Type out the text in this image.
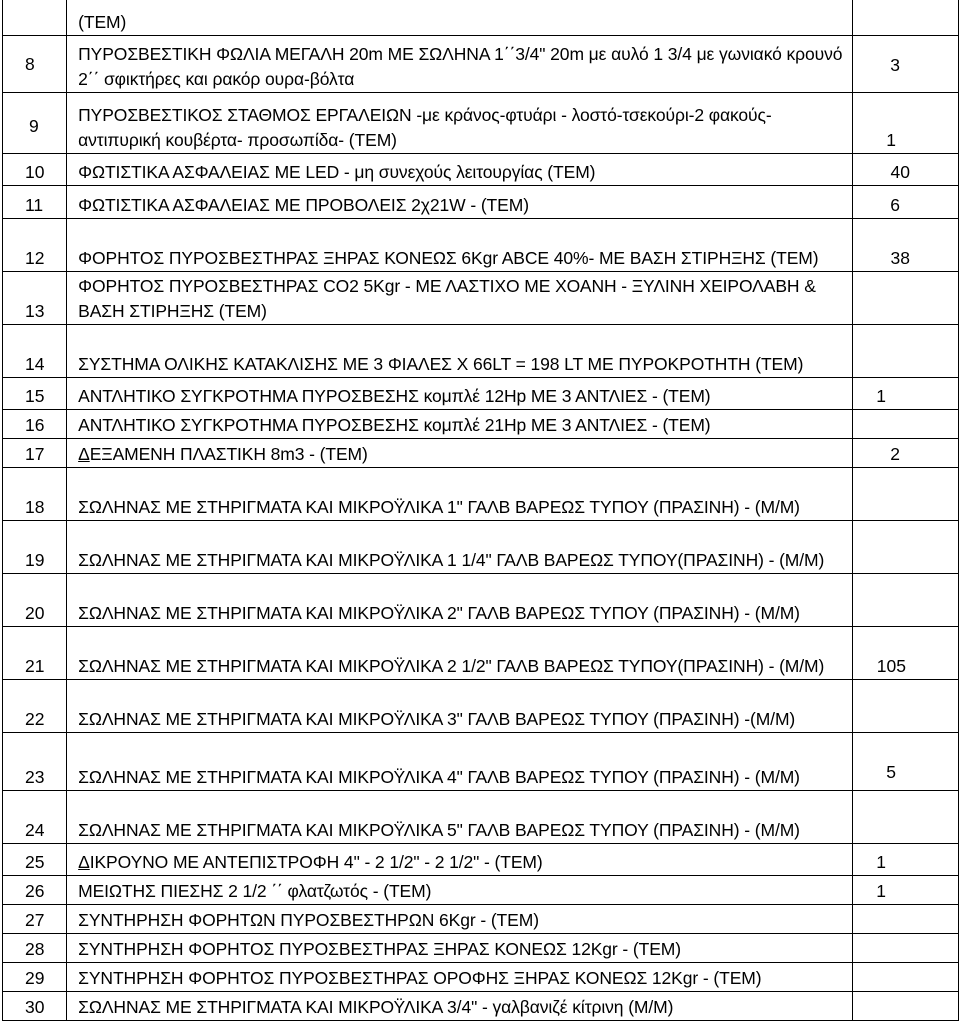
	(ΤΕΜ)	
8	ΠΥΡΟΣΒΕΣΤΙΚΗ ΦΩΛΙΑ ΜΕΓΑΛΗ 20m ΜΕ ΣΩΛΗΝΑ 1΄΄3/4" 20m με αυλό 1 3/4 με γωνιακό κρουνό 2΄΄ σφικτήρες και ρακόρ ουρα-βόλτα	3
9	ΠΥΡΟΣΒΕΣΤΙΚΟΣ ΣΤΑΘΜΟΣ ΕΡΓΑΛΕΙΩΝ -με κράνος-φτυάρι - λοστό-τσεκούρι-2 φακούς-αντιπυρική κουβέρτα- προσωπίδα- (ΤΕΜ)	1
10	ΦΩΤΙΣΤΙΚΑ ΑΣΦΑΛΕΙΑΣ ΜΕ LED - μη συνεχούς λειτουργίας (ΤΕΜ)	40
11	ΦΩΤΙΣΤΙΚΑ ΑΣΦΑΛΕΙΑΣ ΜΕ ΠΡΟΒΟΛΕΙΣ 2χ21W - (ΤΕΜ)	6
12	ΦΟΡΗΤΟΣ ΠΥΡΟΣΒΕΣΤΗΡΑΣ ΞΗΡΑΣ ΚΟΝΕΩΣ 6Kgr ABCE 40%- ΜΕ ΒΑΣΗ ΣΤΙΡΗΞΗΣ (ΤΕΜ)	38
13	ΦΟΡΗΤΟΣ ΠΥΡΟΣΒΕΣΤΗΡΑΣ CO2 5Kgr - ΜΕ ΛΑΣΤΙΧΟ ΜΕ ΧΟΑΝΗ - ΞΥΛΙΝΗ ΧΕΙΡΟΛΑΒΗ & ΒΑΣΗ ΣΤΙΡΗΞΗΣ (ΤΕΜ)	
14	ΣΥΣΤΗΜΑ ΟΛΙΚΗΣ ΚΑΤΑΚΛΙΣΗΣ ΜΕ 3 ΦΙΑΛΕΣ Χ 66LT = 198 LT ΜΕ ΠΥΡΟΚΡΟΤΗΤΗ (ΤΕΜ)	
15	ΑΝΤΛΗΤΙΚΟ ΣΥΓΚΡΟΤΗΜΑ ΠΥΡΟΣΒΕΣΗΣ κομπλέ 12Hp ΜΕ 3 ΑΝΤΛΙΕΣ - (ΤΕΜ)	1
16	ΑΝΤΛΗΤΙΚΟ ΣΥΓΚΡΟΤΗΜΑ ΠΥΡΟΣΒΕΣΗΣ κομπλέ 21Hp ΜΕ 3 ΑΝΤΛΙΕΣ - (ΤΕΜ)	
17	ΔΕΞΑΜΕΝΗ ΠΛΑΣΤΙΚΗ 8m3 - (ΤΕΜ)	2
18	ΣΩΛΗΝΑΣ ΜΕ ΣΤΗΡΙΓΜΑΤΑ ΚΑΙ ΜΙΚΡΟΫΛΙΚΑ 1" ΓΑΛΒ ΒΑΡΕΩΣ ΤΥΠΟΥ (ΠΡΑΣΙΝΗ) - (Μ/Μ)	
19	ΣΩΛΗΝΑΣ ΜΕ ΣΤΗΡΙΓΜΑΤΑ ΚΑΙ ΜΙΚΡΟΫΛΙΚΑ 1 1/4" ΓΑΛΒ ΒΑΡΕΩΣ ΤΥΠΟΥ(ΠΡΑΣΙΝΗ) - (Μ/Μ)	
20	ΣΩΛΗΝΑΣ ΜΕ ΣΤΗΡΙΓΜΑΤΑ ΚΑΙ ΜΙΚΡΟΫΛΙΚΑ 2" ΓΑΛΒ ΒΑΡΕΩΣ ΤΥΠΟΥ (ΠΡΑΣΙΝΗ) - (Μ/Μ)	
21	ΣΩΛΗΝΑΣ ΜΕ ΣΤΗΡΙΓΜΑΤΑ ΚΑΙ ΜΙΚΡΟΫΛΙΚΑ 2 1/2" ΓΑΛΒ ΒΑΡΕΩΣ ΤΥΠΟΥ(ΠΡΑΣΙΝΗ) - (Μ/Μ)	105
22	ΣΩΛΗΝΑΣ ΜΕ ΣΤΗΡΙΓΜΑΤΑ ΚΑΙ ΜΙΚΡΟΫΛΙΚΑ 3" ΓΑΛΒ ΒΑΡΕΩΣ ΤΥΠΟΥ (ΠΡΑΣΙΝΗ) -(Μ/Μ)	
23	ΣΩΛΗΝΑΣ ΜΕ ΣΤΗΡΙΓΜΑΤΑ ΚΑΙ ΜΙΚΡΟΫΛΙΚΑ 4" ΓΑΛΒ ΒΑΡΕΩΣ ΤΥΠΟΥ (ΠΡΑΣΙΝΗ) - (Μ/Μ)	5
24	ΣΩΛΗΝΑΣ ΜΕ ΣΤΗΡΙΓΜΑΤΑ ΚΑΙ ΜΙΚΡΟΫΛΙΚΑ 5" ΓΑΛΒ ΒΑΡΕΩΣ ΤΥΠΟΥ (ΠΡΑΣΙΝΗ) - (Μ/Μ)	
25	ΔΙΚΡΟΥΝΟ ΜΕ ΑΝΤΕΠΙΣΤΡΟΦΗ 4" - 2 1/2" - 2 1/2" - (ΤΕΜ)	1
26	ΜΕΙΩΤΗΣ ΠΙΕΣΗΣ 2 1/2 ΄΄ φλατζωτός - (ΤΕΜ)	1
27	ΣΥΝΤΗΡΗΣΗ ΦΟΡΗΤΩΝ ΠΥΡΟΣΒΕΣΤΗΡΩΝ 6Kgr - (ΤΕΜ)	
28	ΣΥΝΤΗΡΗΣΗ ΦΟΡΗΤΟΣ ΠΥΡΟΣΒΕΣΤΗΡΑΣ ΞΗΡΑΣ ΚΟΝΕΩΣ 12Kgr - (ΤΕΜ)	
29	ΣΥΝΤΗΡΗΣΗ ΦΟΡΗΤΟΣ ΠΥΡΟΣΒΕΣΤΗΡΑΣ ΟΡΟΦΗΣ ΞΗΡΑΣ ΚΟΝΕΩΣ 12Kgr - (ΤΕΜ)	
30	ΣΩΛΗΝΑΣ ΜΕ ΣΤΗΡΙΓΜΑΤΑ ΚΑΙ ΜΙΚΡΟΫΛΙΚΑ 3/4" - γαλβανιζέ κίτρινη (Μ/Μ)	
